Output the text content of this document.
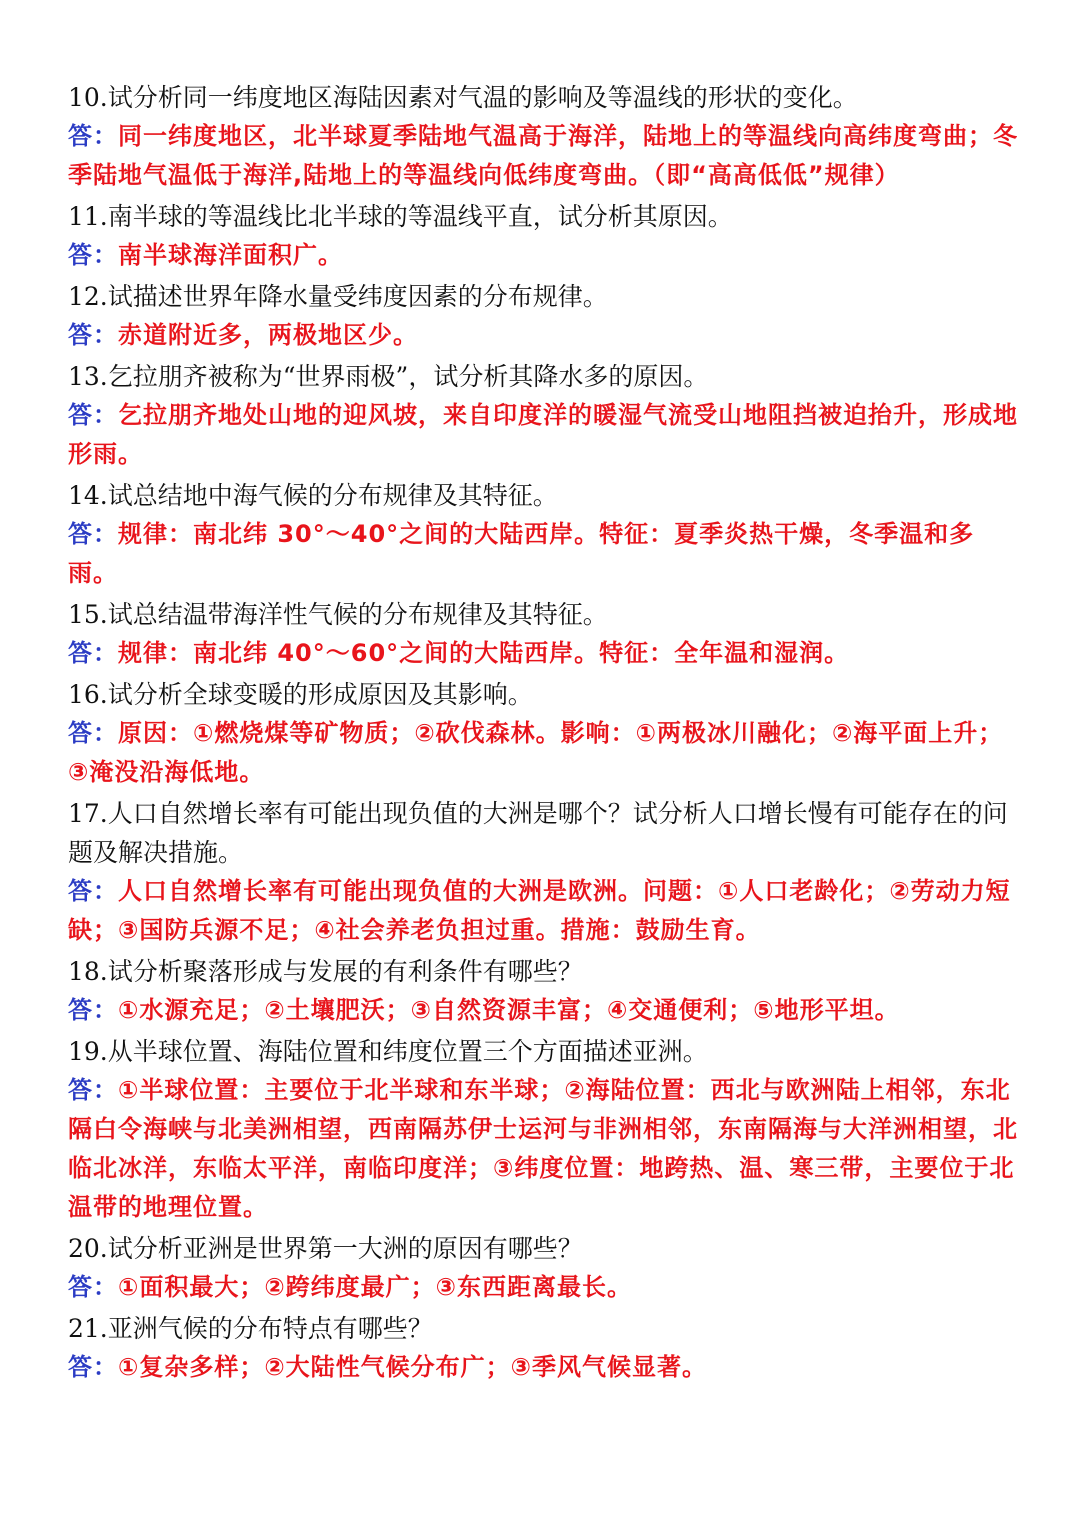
10.试分析同一纬度地区海陆因素对气温的影响及等温线的形状的变化。

答：同一纬度地区，北半球夏季陆地气温高于海洋，陆地上的等温线向高纬度弯曲；冬季陆地气温低于海洋,陆地上的等温线向低纬度弯曲。（即“高高低低”规律）

11.南半球的等温线比北半球的等温线平直，试分析其原因。

答：南半球海洋面积广。

12.试描述世界年降水量受纬度因素的分布规律。

答：赤道附近多，两极地区少。

13.乞拉朋齐被称为“世界雨极”，试分析其降水多的原因。

答：乞拉朋齐地处山地的迎风坡，来自印度洋的暖湿气流受山地阻挡被迫抬升，形成地形雨。

14.试总结地中海气候的分布规律及其特征。

答：规律：南北纬 30°～40°之间的大陆西岸。特征：夏季炎热干燥，冬季温和多雨。

15.试总结温带海洋性气候的分布规律及其特征。

答：规律：南北纬 40°～60°之间的大陆西岸。特征：全年温和湿润。

16.试分析全球变暖的形成原因及其影响。

答：原因：①燃烧煤等矿物质；②砍伐森林。影响：①两极冰川融化；②海平面上升；③淹没沿海低地。

17.人口自然增长率有可能出现负值的大洲是哪个？试分析人口增长慢有可能存在的问题及解决措施。

答：人口自然增长率有可能出现负值的大洲是欧洲。问题：①人口老龄化；②劳动力短缺；③国防兵源不足；④社会养老负担过重。措施：鼓励生育。

18.试分析聚落形成与发展的有利条件有哪些？

答：①水源充足；②土壤肥沃；③自然资源丰富；④交通便利；⑤地形平坦。

19.从半球位置、海陆位置和纬度位置三个方面描述亚洲。

答：①半球位置：主要位于北半球和东半球；②海陆位置：西北与欧洲陆上相邻，东北隔白令海峡与北美洲相望，西南隔苏伊士运河与非洲相邻，东南隔海与大洋洲相望，北临北冰洋，东临太平洋，南临印度洋；③纬度位置：地跨热、温、寒三带，主要位于北温带的地理位置。

20.试分析亚洲是世界第一大洲的原因有哪些？

答：①面积最大；②跨纬度最广；③东西距离最长。

21.亚洲气候的分布特点有哪些？

答：①复杂多样；②大陆性气候分布广；③季风气候显著。
